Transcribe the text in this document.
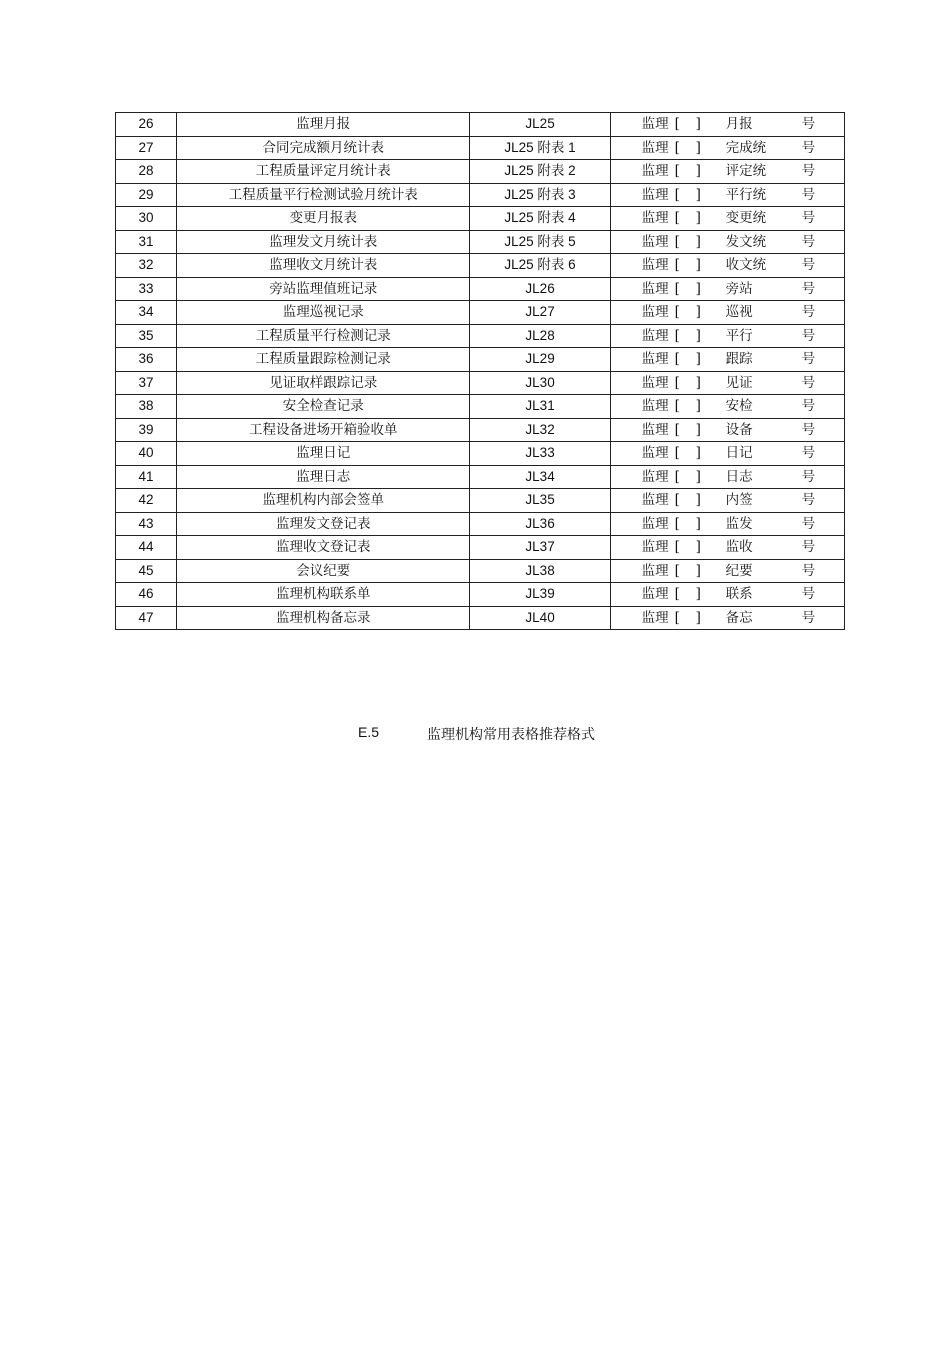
26	监理月报	JL25	监理 [ ] 月报 号

27	合同完成额月统计表	JL25 附表 1	监理 [ ] 完成统 号

28	工程质量评定月统计表	JL25 附表 2	监理 [ ] 评定统 号

29	工程质量平行检测试验月统计表	JL25 附表 3	监理 [ ] 平行统 号

30	变更月报表	JL25 附表 4	监理 [ ] 变更统 号

31	监理发文月统计表	JL25 附表 5	监理 [ ] 发文统 号

32	监理收文月统计表	JL25 附表 6	监理 [ ] 收文统 号

33	旁站监理值班记录	JL26	监理 [ ] 旁站 号

34	监理巡视记录	JL27	监理 [ ] 巡视 号

35	工程质量平行检测记录	JL28	监理 [ ] 平行 号

36	工程质量跟踪检测记录	JL29	监理 [ ] 跟踪 号

37	见证取样跟踪记录	JL30	监理 [ ] 见证 号

38	安全检查记录	JL31	监理 [ ] 安检 号

39	工程设备进场开箱验收单	JL32	监理 [ ] 设备 号

40	监理日记	JL33	监理 [ ] 日记 号

41	监理日志	JL34	监理 [ ] 日志 号

42	监理机构内部会签单	JL35	监理 [ ] 内签 号

43	监理发文登记表	JL36	监理 [ ] 监发 号

44	监理收文登记表	JL37	监理 [ ] 监收 号

45	会议纪要	JL38	监理 [ ] 纪要 号

46	监理机构联系单	JL39	监理 [ ] 联系 号

47	监理机构备忘录	JL40	监理 [ ] 备忘 号
E.5	监理机构常用表格推荐格式
